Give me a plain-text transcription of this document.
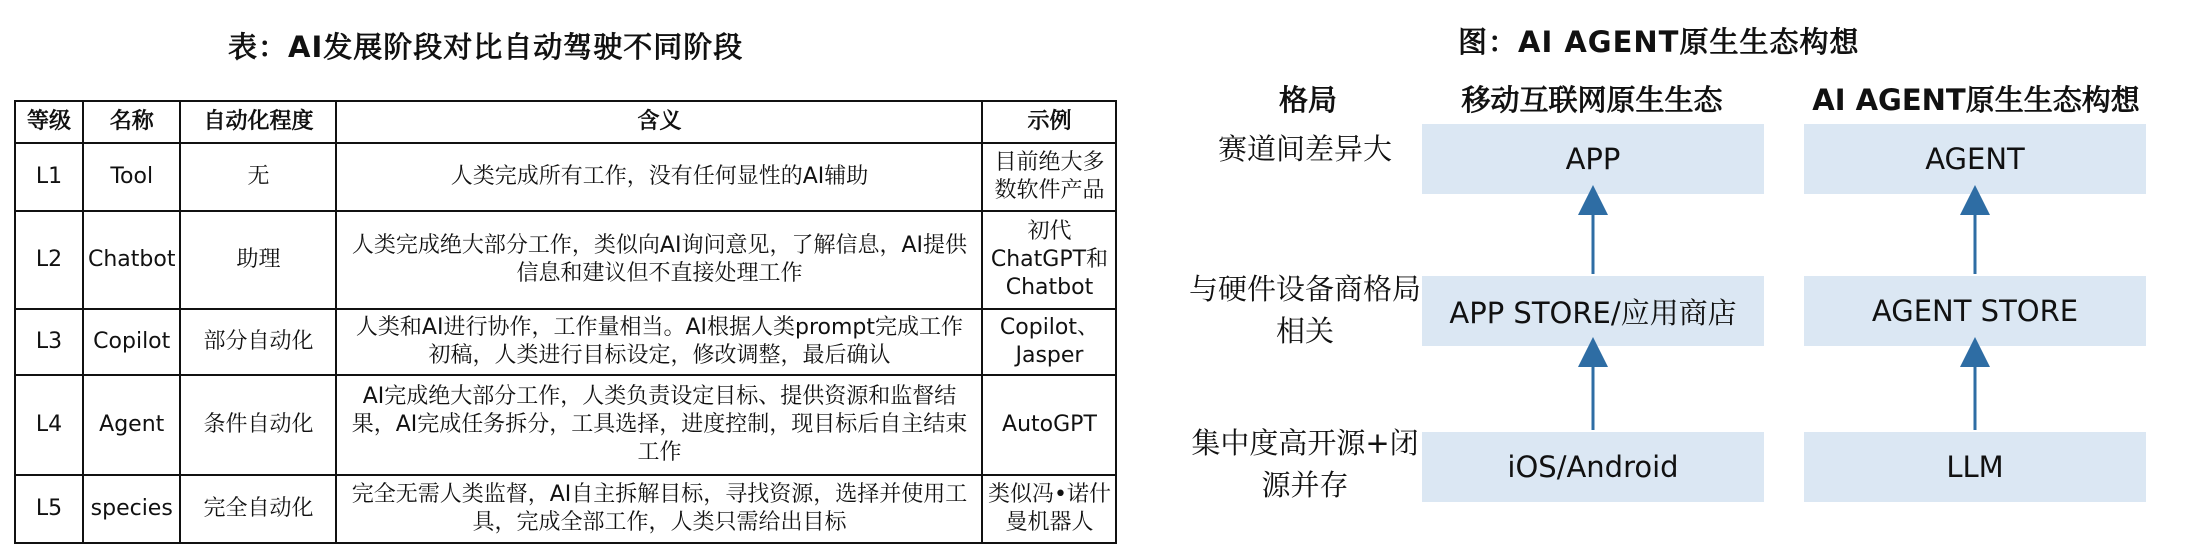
表：AI发展阶段对比自动驾驶不同阶段
等级	名称	自动化程度	含义	示例
L1	Tool	无	人类完成所有工作，没有任何显性的AI辅助	目前绝大多数软件产品
L2	Chatbot	助理	人类完成绝大部分工作，类似向AI询问意见，了解信息，AI提供信息和建议但不直接处理工作	初代ChatGPT和Chatbot
L3	Copilot	部分自动化	人类和AI进行协作，工作量相当。AI根据人类prompt完成工作初稿，人类进行目标设定，修改调整，最后确认	Copilot、Jasper
L4	Agent	条件自动化	AI完成绝大部分工作，人类负责设定目标、提供资源和监督结果，AI完成任务拆分，工具选择，进度控制，现目标后自主结束工作	AutoGPT
L5	species	完全自动化	完全无需人类监督，AI自主拆解目标，寻找资源，选择并使用工具，完成全部工作，人类只需给出目标	类似冯•诺什曼机器人
图：AI AGENT原生生态构想
格局	移动互联网原生生态	AI AGENT原生生态构想
赛道间差异大
与硬件设备商格局相关
集中度高开源+闭源并存
APP
APP STORE/应用商店
iOS/Android
AGENT
AGENT STORE
LLM
